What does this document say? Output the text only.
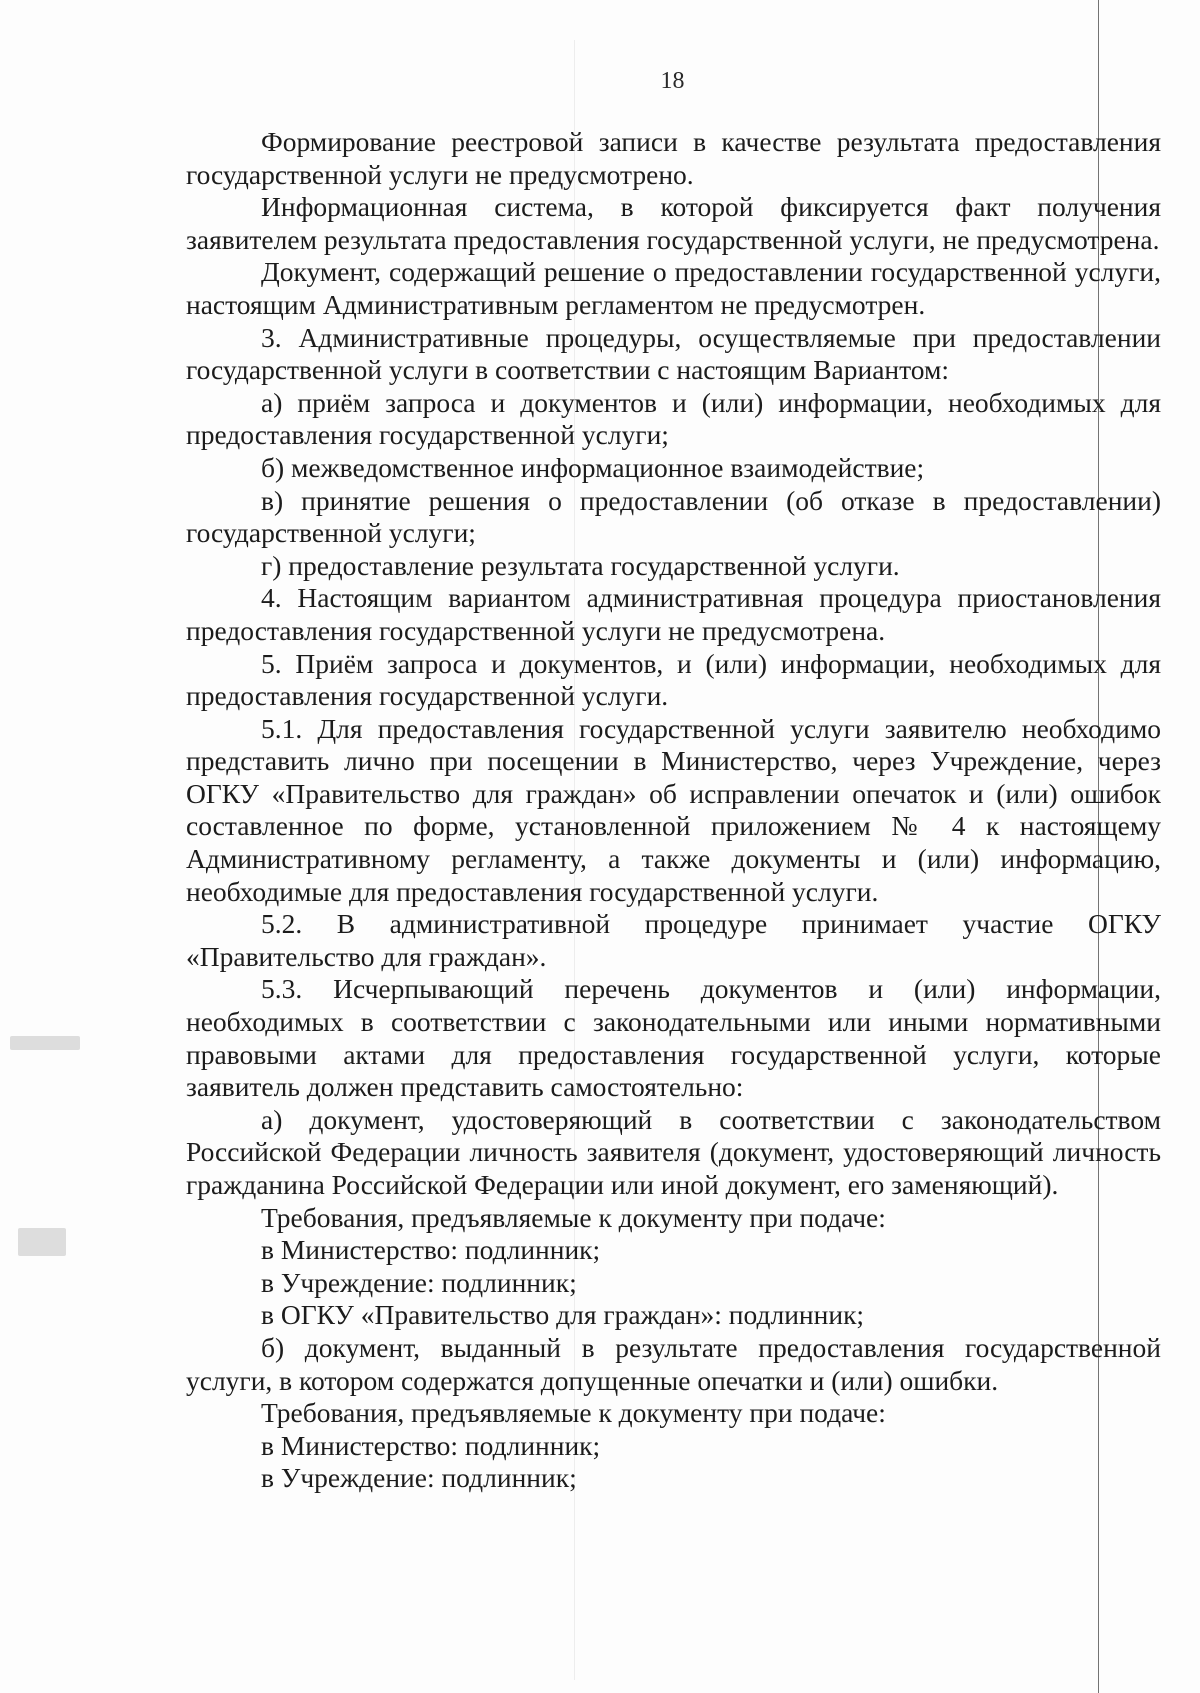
18

Формирование реестровой записи в качестве результата предоставления государственной услуги не предусмотрено.

Информационная система, в которой фиксируется факт получения заявителем результата предоставления государственной услуги, не предусмотрена.

Документ, содержащий решение о предоставлении государственной услуги, настоящим Административным регламентом не предусмотрен.

3. Административные процедуры, осуществляемые при предоставлении государственной услуги в соответствии с настоящим Вариантом:

а) приём запроса и документов и (или) информации, необходимых для предоставления государственной услуги;

б) межведомственное информационное взаимодействие;

в) принятие решения о предоставлении (об отказе в предоставлении) государственной услуги;

г) предоставление результата государственной услуги.

4. Настоящим вариантом административная процедура приостановления предоставления государственной услуги не предусмотрена.

5. Приём запроса и документов, и (или) информации, необходимых для предоставления государственной услуги.

5.1. Для предоставления государственной услуги заявителю необходимо представить лично при посещении в Министерство, через Учреждение, через ОГКУ «Правительство для граждан» об исправлении опечаток и (или) ошибок составленное по форме, установленной приложением № 4 к настоящему Административному регламенту, а также документы и (или) информацию, необходимые для предоставления государственной услуги.

5.2. В административной процедуре принимает участие ОГКУ «Правительство для граждан».

5.3. Исчерпывающий перечень документов и (или) информации, необходимых в соответствии с законодательными или иными нормативными правовыми актами для предоставления государственной услуги, которые заявитель должен представить самостоятельно:

а) документ, удостоверяющий в соответствии с законодательством Российской Федерации личность заявителя (документ, удостоверяющий личность гражданина Российской Федерации или иной документ, его заменяющий).

Требования, предъявляемые к документу при подаче:

в Министерство: подлинник;

в Учреждение: подлинник;

в ОГКУ «Правительство для граждан»: подлинник;

б) документ, выданный в результате предоставления государственной услуги, в котором содержатся допущенные опечатки и (или) ошибки.

Требования, предъявляемые к документу при подаче:

в Министерство: подлинник;

в Учреждение: подлинник;
